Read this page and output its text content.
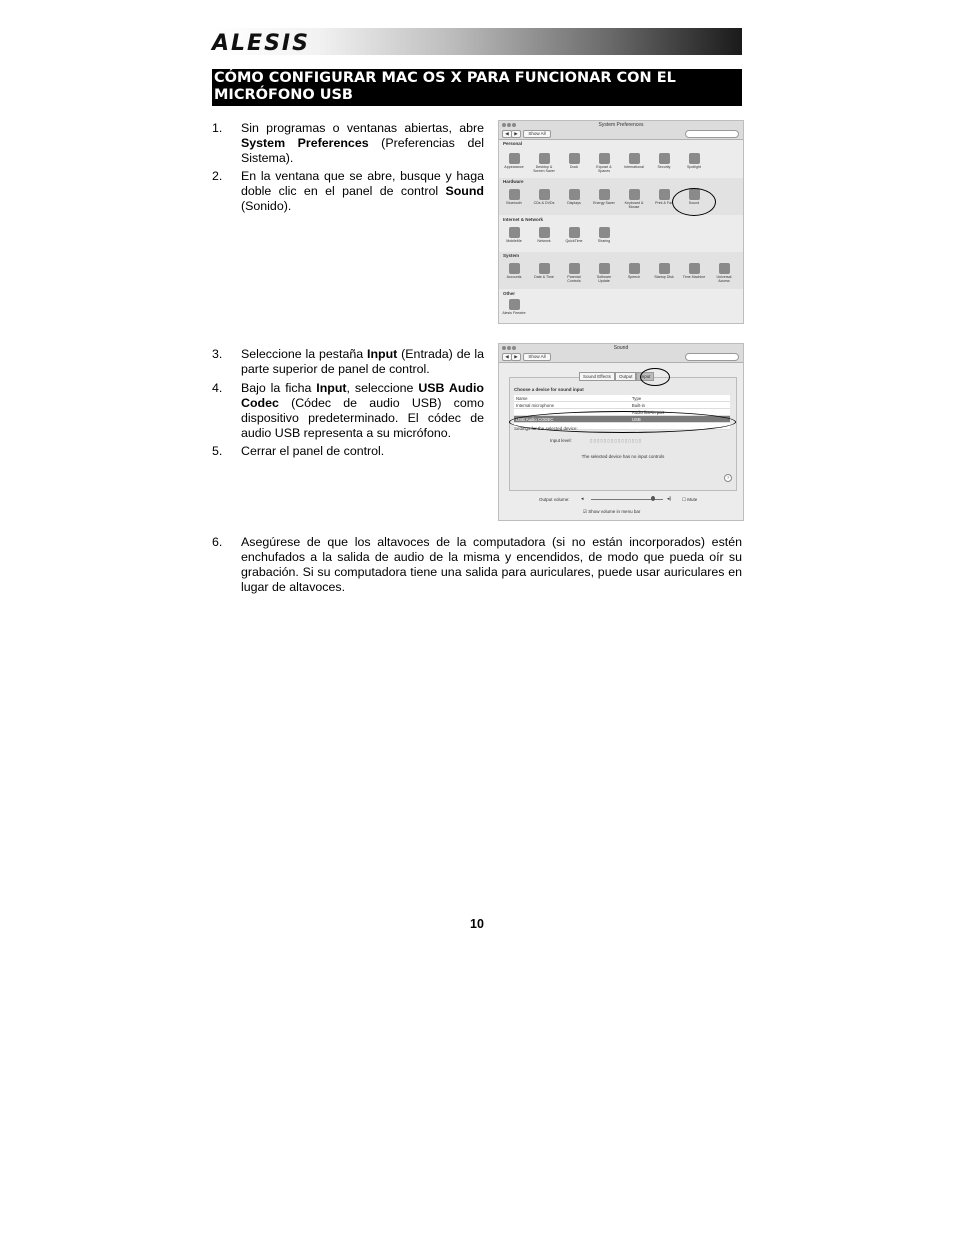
ALESIS
CÓMO CONFIGURAR MAC OS X PARA FUNCIONAR CON EL MICRÓFONO USB
1. Sin programas o ventanas abiertas, abre System Preferences (Preferencias del Sistema).
2. En la ventana que se abre, busque y haga doble clic en el panel de control Sound (Sonido).
3. Seleccione la pestaña Input (Entrada) de la parte superior de panel de control.
4. Bajo la ficha Input, seleccione USB Audio Codec (Códec de audio USB) como dispositivo predeterminado. El códec de audio USB representa a su micrófono.
5. Cerrar el panel de control.
6. Asegúrese de que los altavoces de la computadora (si no están incorporados) estén enchufados a la salida de audio de la misma y encendidos, de modo que pueda oír su grabación. Si su computadora tiene una salida para auriculares, puede usar auriculares en lugar de altavoces.
10
System Preferences
◀	▶	Show All
Personal
Appearance	Desktop & Screen Saver
Dock	Exposé & Spaces
International	Security	Spotlight
Hardware
Bluetooth	CDs & DVDs	Displays	Energy Saver	Keyboard & Mouse
Print & Fax	Sound
Internet & Network
MobileMe	Network	QuickTime	Sharing
System
Accounts	Date & Time	Parental Controls
Software Update
Speech	Startup Disk	Time Machine	Universal Access
Other
Alesis Firewire
Sound
◀	▶	Show All
Choose a device for sound input
Name	Type
Internal microphone	Built-in
	Audio line-in port
USB Audio CODEC	USB

Settings for the selected device:
Input level:	▯▯▯▯▯▯▯▯▯▯▯▯▯▯▯
The selected device has no input controls
?
Sound Effects Output Input
Output volume: ◂	◂) ☐ Mute
☑ Show volume in menu bar
